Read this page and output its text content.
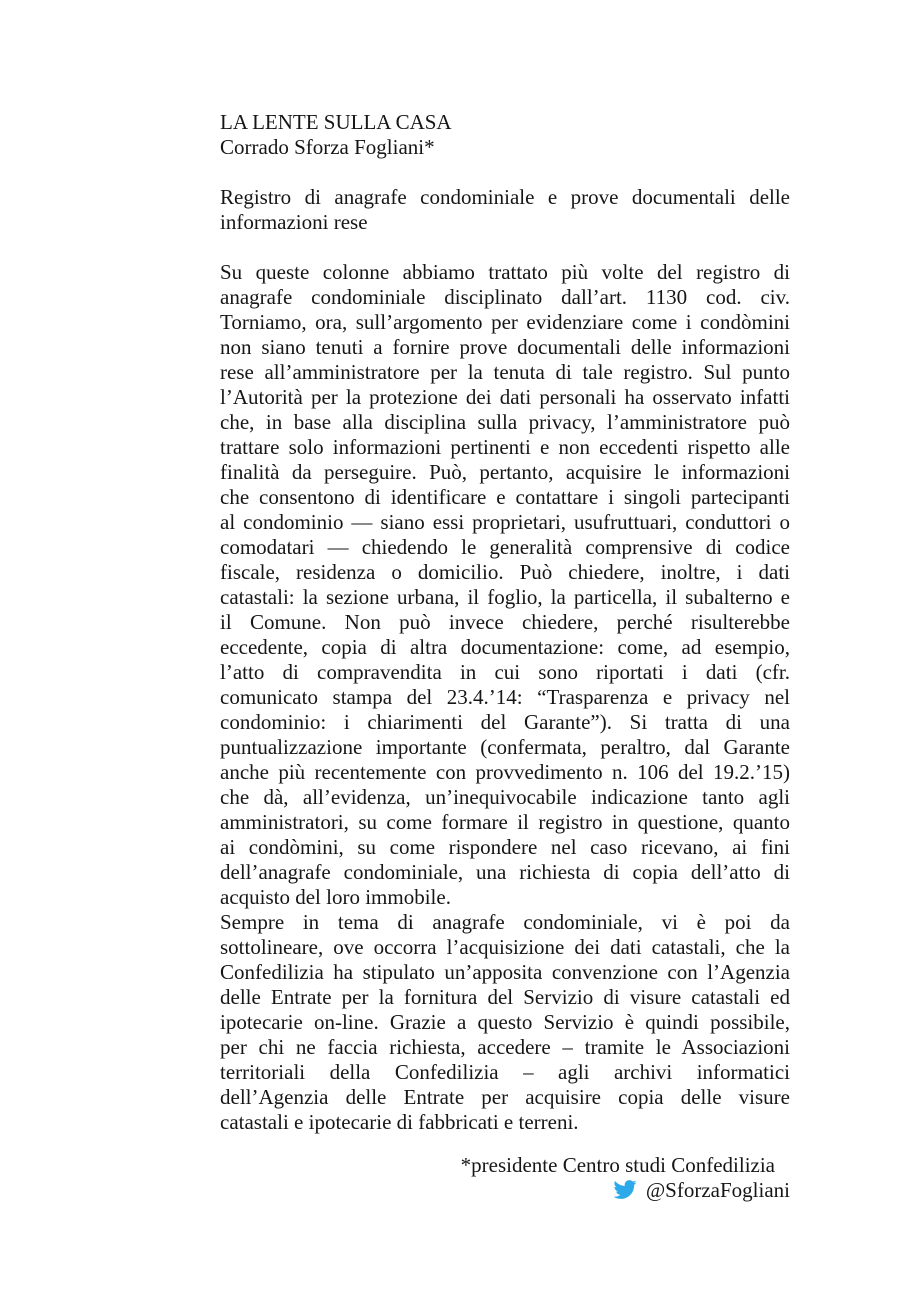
LA LENTE SULLA CASA
Corrado Sforza Fogliani*
Registro di anagrafe condominiale e prove documentali delle
informazioni rese
Su queste colonne abbiamo trattato più volte del registro di
anagrafe condominiale disciplinato dall’art. 1130 cod. civ.
Torniamo, ora, sull’argomento per evidenziare come i condòmini
non siano tenuti a fornire prove documentali delle informazioni
rese all’amministratore per la tenuta di tale registro. Sul punto
l’Autorità per la protezione dei dati personali ha osservato infatti
che, in base alla disciplina sulla privacy, l’amministratore può
trattare solo informazioni pertinenti e non eccedenti rispetto alle
finalità da perseguire. Può, pertanto, acquisire le informazioni
che consentono di identificare e contattare i singoli partecipanti
al condominio — siano essi proprietari, usufruttuari, conduttori o
comodatari — chiedendo le generalità comprensive di codice
fiscale, residenza o domicilio. Può chiedere, inoltre, i dati
catastali: la sezione urbana, il foglio, la particella, il subalterno e
il Comune. Non può invece chiedere, perché risulterebbe
eccedente, copia di altra documentazione: come, ad esempio,
l’atto di compravendita in cui sono riportati i dati (cfr.
comunicato stampa del 23.4.’14: “Trasparenza e privacy nel
condominio: i chiarimenti del Garante”). Si tratta di una
puntualizzazione importante (confermata, peraltro, dal Garante
anche più recentemente con provvedimento n. 106 del 19.2.’15)
che dà, all’evidenza, un’inequivocabile indicazione tanto agli
amministratori, su come formare il registro in questione, quanto
ai condòmini, su come rispondere nel caso ricevano, ai fini
dell’anagrafe condominiale, una richiesta di copia dell’atto di
acquisto del loro immobile.
Sempre in tema di anagrafe condominiale, vi è poi da
sottolineare, ove occorra l’acquisizione dei dati catastali, che la
Confedilizia ha stipulato un’apposita convenzione con l’Agenzia
delle Entrate per la fornitura del Servizio di visure catastali ed
ipotecarie on-line. Grazie a questo Servizio è quindi possibile,
per chi ne faccia richiesta, accedere – tramite le Associazioni
territoriali della Confedilizia – agli archivi informatici
dell’Agenzia delle Entrate per acquisire copia delle visure
catastali e ipotecarie di fabbricati e terreni.
*presidente Centro studi Confedilizia
@SforzaFogliani
